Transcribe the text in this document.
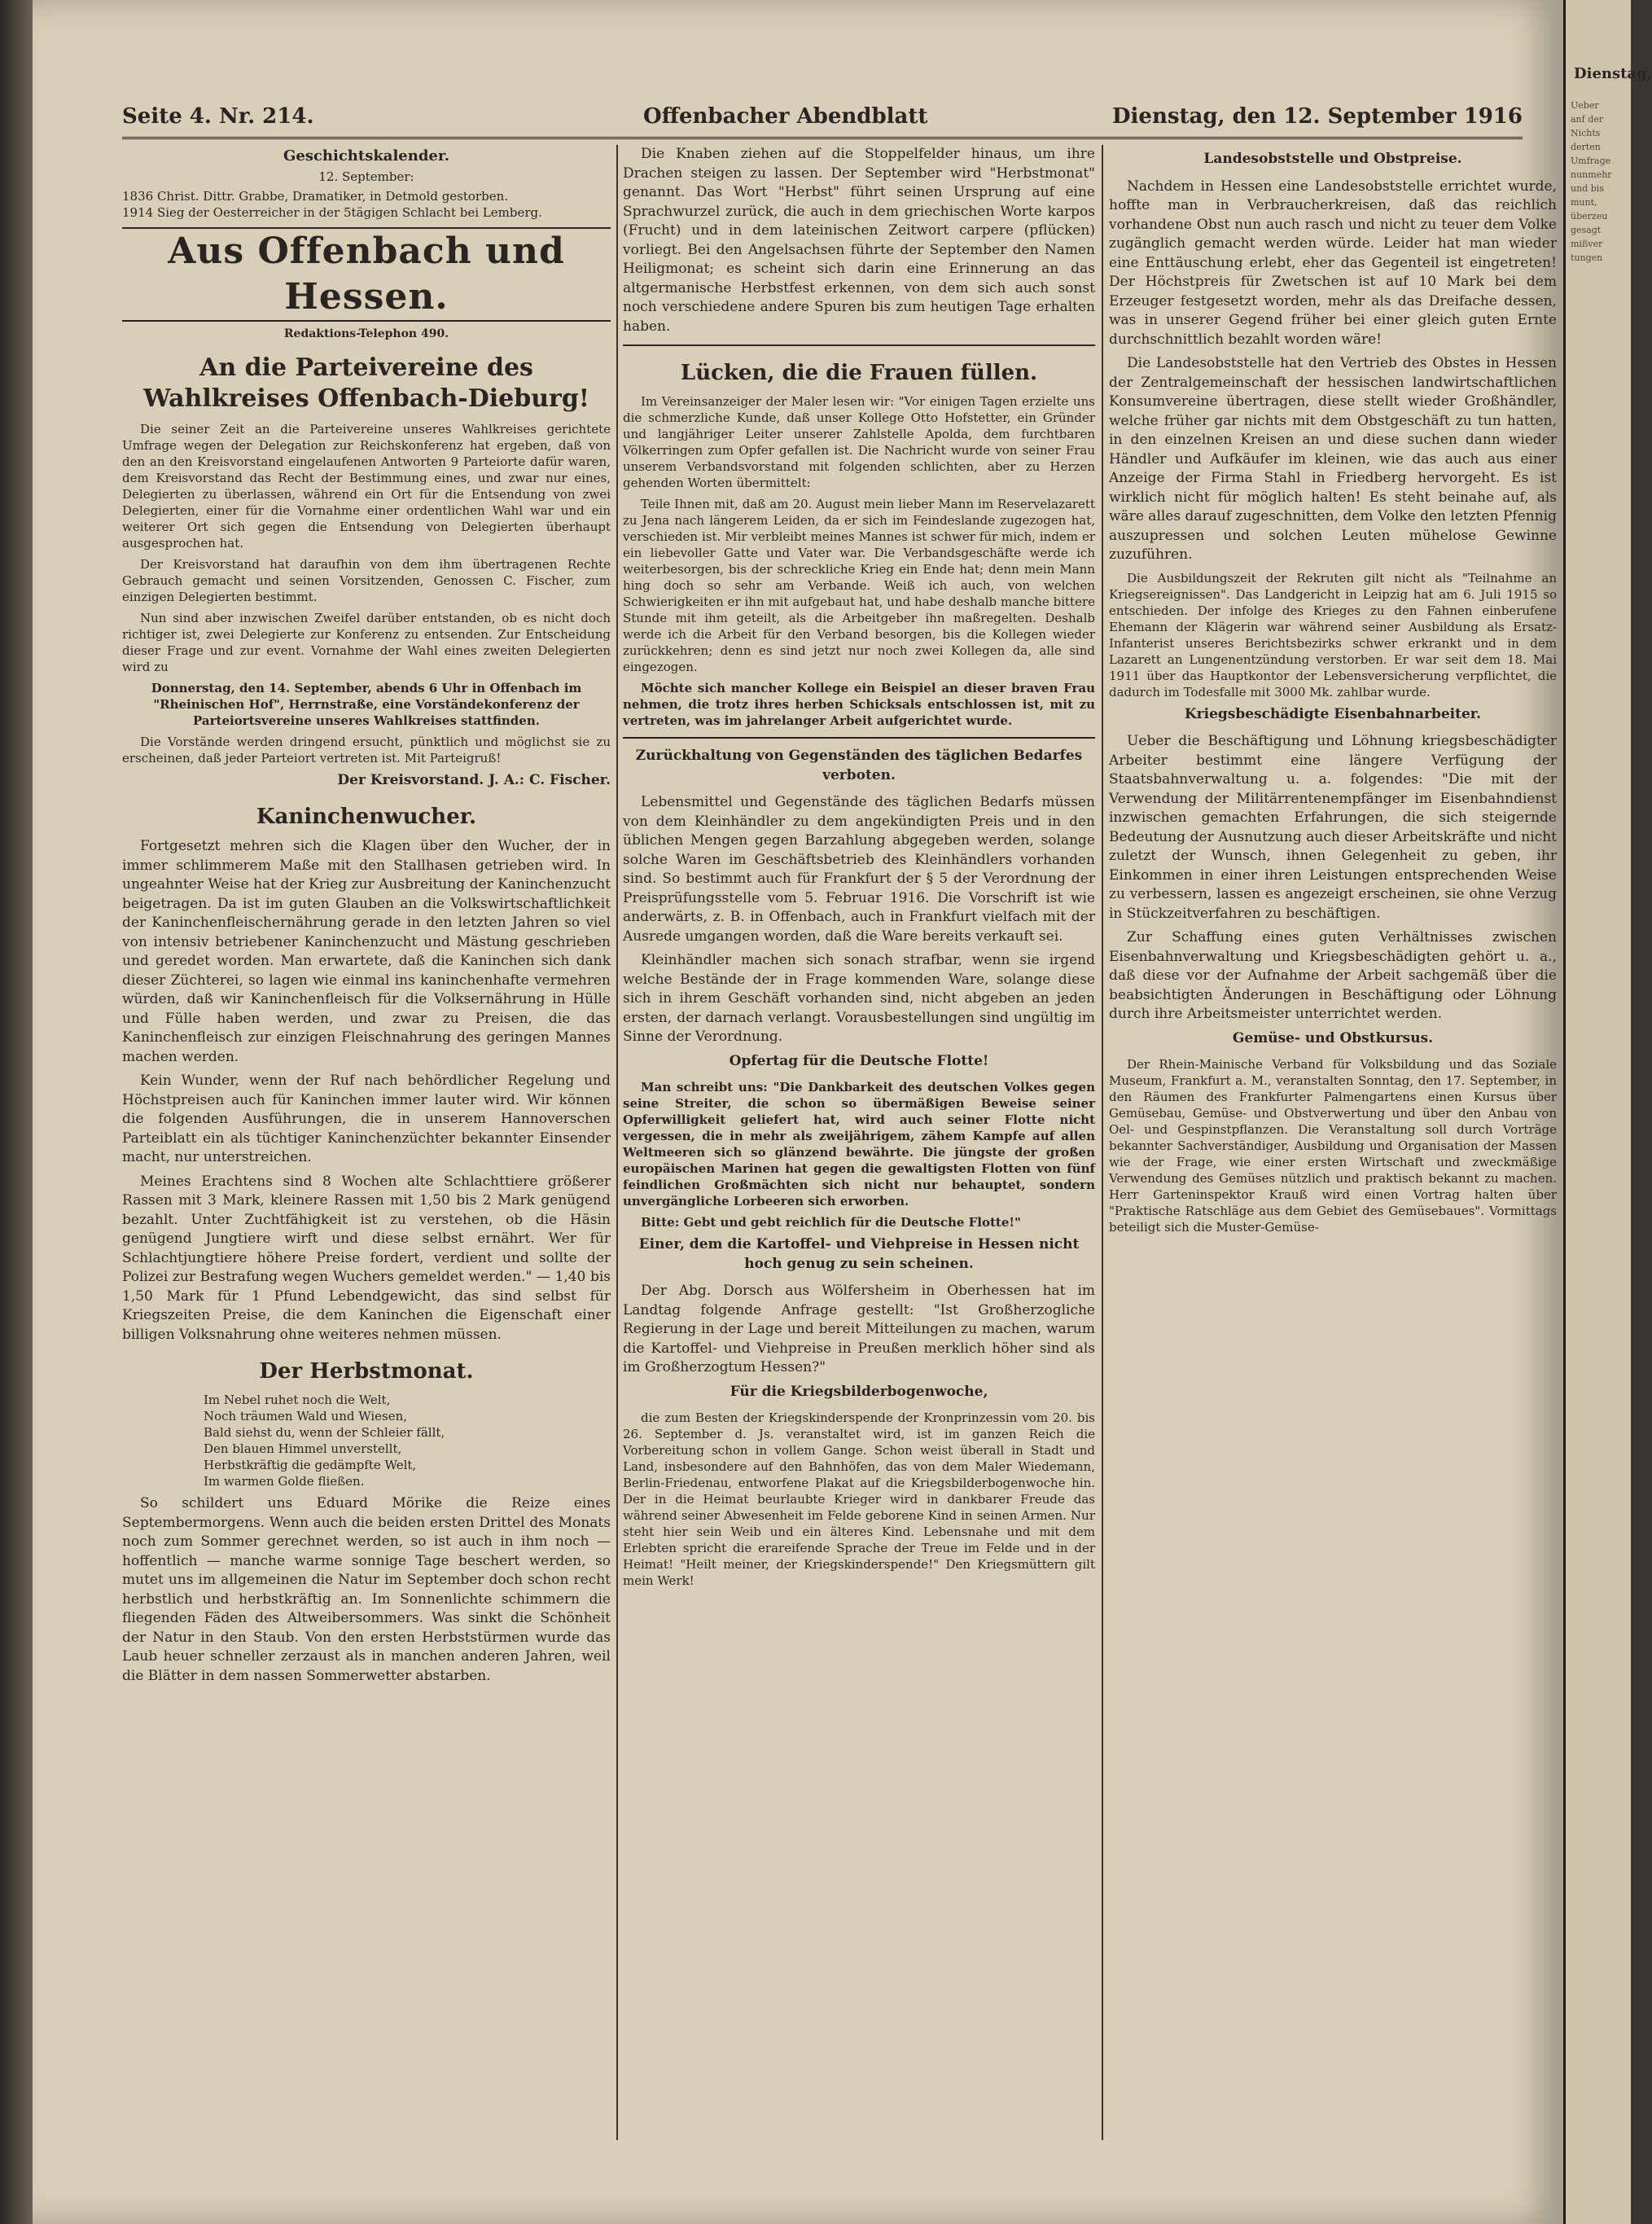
Seite 4. Nr. 214.	Offenbacher Abendblatt	Dienstag, den 12. September 1916
Geschichtskalender.
12. September:
1836 Christ. Dittr. Grabbe, Dramatiker, in Detmold gestorben.
1914 Sieg der Oesterreicher in der 5tägigen Schlacht bei Lemberg.
Aus Offenbach und Hessen.
Redaktions-Telephon 490.
An die Parteivereine des Wahlkreises Offenbach-Dieburg!

Die seiner Zeit an die Parteivereine unseres Wahlkreises gerichtete Umfrage wegen der Delegation zur Reichskonferenz hat ergeben, daß von den an den Kreisvorstand eingelaufenen Antworten 9 Parteiorte dafür waren, dem Kreisvorstand das Recht der Bestimmung eines, und zwar nur eines, Delegierten zu überlassen, während ein Ort für die Entsendung von zwei Delegierten, einer für die Vornahme einer ordentlichen Wahl war und ein weiterer Ort sich gegen die Entsendung von Delegierten überhaupt ausgesprochen hat.

Der Kreisvorstand hat daraufhin von dem ihm übertragenen Rechte Gebrauch gemacht und seinen Vorsitzenden, Genossen C. Fischer, zum einzigen Delegierten bestimmt.

Nun sind aber inzwischen Zweifel darüber entstanden, ob es nicht doch richtiger ist, zwei Delegierte zur Konferenz zu entsenden. Zur Entscheidung dieser Frage und zur event. Vornahme der Wahl eines zweiten Delegierten wird zu

Donnerstag, den 14. September, abends 6 Uhr in Offenbach im "Rheinischen Hof", Herrnstraße, eine Vorständekonferenz der Parteiortsvereine unseres Wahlkreises stattfinden.

Die Vorstände werden dringend ersucht, pünktlich und möglichst sie zu erscheinen, daß jeder Parteiort vertreten ist. Mit Parteigruß!

Der Kreisvorstand. J. A.: C. Fischer.
Kaninchenwucher.

Fortgesetzt mehren sich die Klagen über den Wucher, der in immer schlimmerem Maße mit den Stallhasen getrieben wird. In ungeahnter Weise hat der Krieg zur Ausbreitung der Kaninchenzucht beigetragen. Da ist im guten Glauben an die Volkswirtschaftlichkeit der Kaninchenfleischernährung gerade in den letzten Jahren so viel von intensiv betriebener Kaninchenzucht und Mästung geschrieben und geredet worden. Man erwartete, daß die Kaninchen sich dank dieser Züchterei, so lagen wie einmal ins kaninchenhafte vermehren würden, daß wir Kaninchenfleisch für die Volksernährung in Hülle und Fülle haben werden, und zwar zu Preisen, die das Kaninchenfleisch zur einzigen Fleischnahrung des geringen Mannes machen werden.

Kein Wunder, wenn der Ruf nach behördlicher Regelung und Höchstpreisen auch für Kaninchen immer lauter wird. Wir können die folgenden Ausführungen, die in unserem Hannoverschen Parteiblatt ein als tüchtiger Kaninchenzüchter bekannter Einsender macht, nur unterstreichen.

Meines Erachtens sind 8 Wochen alte Schlachttiere größerer Rassen mit 3 Mark, kleinere Rassen mit 1,50 bis 2 Mark genügend bezahlt. Unter Zuchtfähigkeit ist zu verstehen, ob die Häsin genügend Jungtiere wirft und diese selbst ernährt. Wer für Schlachtjungtiere höhere Preise fordert, verdient und sollte der Polizei zur Bestrafung wegen Wuchers gemeldet werden." — 1,40 bis 1,50 Mark für 1 Pfund Lebendgewicht, das sind selbst für Kriegszeiten Preise, die dem Kaninchen die Eigenschaft einer billigen Volksnahrung ohne weiteres nehmen müssen.

Der Herbstmonat.
Im Nebel ruhet noch die Welt,
Noch träumen Wald und Wiesen,
Bald siehst du, wenn der Schleier fällt,
Den blauen Himmel unverstellt,
Herbstkräftig die gedämpfte Welt,
Im warmen Golde fließen.

So schildert uns Eduard Mörike die Reize eines Septembermorgens. Wenn auch die beiden ersten Drittel des Monats noch zum Sommer gerechnet werden, so ist auch in ihm noch — hoffentlich — manche warme sonnige Tage beschert werden, so mutet uns im allgemeinen die Natur im September doch schon recht herbstlich und herbstkräftig an. Im Sonnenlichte schimmern die fliegenden Fäden des Altweibersommers. Was sinkt die Schönheit der Natur in den Staub. Von den ersten Herbststürmen wurde das Laub heuer schneller zerzaust als in manchen anderen Jahren, weil die Blätter in dem nassen Sommerwetter abstarben.

Die Knaben ziehen auf die Stoppelfelder hinaus, um ihre Drachen steigen zu lassen. Der September wird "Herbstmonat" genannt. Das Wort "Herbst" führt seinen Ursprung auf eine Sprachwurzel zurück, die auch in dem griechischen Worte karpos (Frucht) und in dem lateinischen Zeitwort carpere (pflücken) vorliegt. Bei den Angelsachsen führte der September den Namen Heiligmonat; es scheint sich darin eine Erinnerung an das altgermanische Herbstfest erkennen, von dem sich auch sonst noch verschiedene andere Spuren bis zum heutigen Tage erhalten haben.

Lücken, die die Frauen füllen.

Im Vereinsanzeiger der Maler lesen wir: "Vor einigen Tagen erzielte uns die schmerzliche Kunde, daß unser Kollege Otto Hofstetter, ein Gründer und langjähriger Leiter unserer Zahlstelle Apolda, dem furchtbaren Völkerringen zum Opfer gefallen ist. Die Nachricht wurde von seiner Frau unserem Verbandsvorstand mit folgenden schlichten, aber zu Herzen gehenden Worten übermittelt:

Teile Ihnen mit, daß am 20. August mein lieber Mann im Reservelazarett zu Jena nach längerem Leiden, da er sich im Feindeslande zugezogen hat, verschieden ist. Mir verbleibt meines Mannes ist schwer für mich, indem er ein liebevoller Gatte und Vater war. Die Verbandsgeschäfte werde ich weiterbesorgen, bis der schreckliche Krieg ein Ende hat; denn mein Mann hing doch so sehr am Verbande. Weiß ich auch, von welchen Schwierigkeiten er ihn mit aufgebaut hat, und habe deshalb manche bittere Stunde mit ihm geteilt, als die Arbeitgeber ihn maßregelten. Deshalb werde ich die Arbeit für den Verband besorgen, bis die Kollegen wieder zurückkehren; denn es sind jetzt nur noch zwei Kollegen da, alle sind eingezogen.

Möchte sich mancher Kollege ein Beispiel an dieser braven Frau nehmen, die trotz ihres herben Schicksals entschlossen ist, mit zu vertreten, was im jahrelanger Arbeit aufgerichtet wurde.

Zurückhaltung von Gegenständen des täglichen Bedarfes verboten.

Lebensmittel und Gegenstände des täglichen Bedarfs müssen von dem Kleinhändler zu dem angekündigten Preis und in den üblichen Mengen gegen Barzahlung abgegeben werden, solange solche Waren im Geschäftsbetrieb des Kleinhändlers vorhanden sind. So bestimmt auch für Frankfurt der § 5 der Verordnung der Preisprüfungsstelle vom 5. Februar 1916. Die Vorschrift ist wie anderwärts, z. B. in Offenbach, auch in Frankfurt vielfach mit der Ausrede umgangen worden, daß die Ware bereits verkauft sei.

Kleinhändler machen sich sonach strafbar, wenn sie irgend welche Bestände der in Frage kommenden Ware, solange diese sich in ihrem Geschäft vorhanden sind, nicht abgeben an jeden ersten, der darnach verlangt. Vorausbestellungen sind ungültig im Sinne der Verordnung.

Opfertag für die Deutsche Flotte!

Man schreibt uns: "Die Dankbarkeit des deutschen Volkes gegen seine Streiter, die schon so übermäßigen Beweise seiner Opferwilligkeit geliefert hat, wird auch seiner Flotte nicht vergessen, die in mehr als zweijährigem, zähem Kampfe auf allen Weltmeeren sich so glänzend bewährte. Die jüngste der großen europäischen Marinen hat gegen die gewaltigsten Flotten von fünf feindlichen Großmächten sich nicht nur behauptet, sondern unvergängliche Lorbeeren sich erworben.

Bitte: Gebt und gebt reichlich für die Deutsche Flotte!"

Einer, dem die Kartoffel- und Viehpreise in Hessen nicht hoch genug zu sein scheinen.

Der Abg. Dorsch aus Wölfersheim in Oberhessen hat im Landtag folgende Anfrage gestellt: "Ist Großherzogliche Regierung in der Lage und bereit Mitteilungen zu machen, warum die Kartoffel- und Viehpreise in Preußen merklich höher sind als im Großherzogtum Hessen?"

Für die Kriegsbilderbogenwoche,

die zum Besten der Kriegskinderspende der Kronprinzessin vom 20. bis 26. September d. Js. veranstaltet wird, ist im ganzen Reich die Vorbereitung schon in vollem Gange. Schon weist überall in Stadt und Land, insbesondere auf den Bahnhöfen, das von dem Maler Wiedemann, Berlin-Friedenau, entworfene Plakat auf die Kriegsbilderbogenwoche hin. Der in die Heimat beurlaubte Krieger wird in dankbarer Freude das während seiner Abwesenheit im Felde geborene Kind in seinen Armen. Nur steht hier sein Weib und ein älteres Kind. Lebensnahe und mit dem Erlebten spricht die erareifende Sprache der Treue im Felde und in der Heimat! "Heilt meiner, der Kriegskinderspende!" Den Kriegsmüttern gilt mein Werk!

Landesobststelle und Obstpreise.

Nachdem in Hessen eine Landesobststelle errichtet wurde, hoffte man in Verbraucherkreisen, daß das reichlich vorhandene Obst nun auch rasch und nicht zu teuer dem Volke zugänglich gemacht werden würde. Leider hat man wieder eine Enttäuschung erlebt, eher das Gegenteil ist eingetreten! Der Höchstpreis für Zwetschen ist auf 10 Mark bei dem Erzeuger festgesetzt worden, mehr als das Dreifache dessen, was in unserer Gegend früher bei einer gleich guten Ernte durchschnittlich bezahlt worden wäre!

Die Landesobststelle hat den Vertrieb des Obstes in Hessen der Zentralgemeinschaft der hessischen landwirtschaftlichen Konsumvereine übertragen, diese stellt wieder Großhändler, welche früher gar nichts mit dem Obstgeschäft zu tun hatten, in den einzelnen Kreisen an und diese suchen dann wieder Händler und Aufkäufer im kleinen, wie das auch aus einer Anzeige der Firma Stahl in Friedberg hervorgeht. Es ist wirklich nicht für möglich halten! Es steht beinahe auf, als wäre alles darauf zugeschnitten, dem Volke den letzten Pfennig auszupressen und solchen Leuten mühelose Gewinne zuzuführen.

Die Ausbildungszeit der Rekruten gilt nicht als "Teilnahme an Kriegsereignissen". Das Landgericht in Leipzig hat am 6. Juli 1915 so entschieden. Der infolge des Krieges zu den Fahnen einberufene Ehemann der Klägerin war während seiner Ausbildung als Ersatz-Infanterist unseres Berichtsbezirks schwer erkrankt und in dem Lazarett an Lungenentzündung verstorben. Er war seit dem 18. Mai 1911 über das Hauptkontor der Lebensversicherung verpflichtet, die dadurch im Todesfalle mit 3000 Mk. zahlbar wurde.

Kriegsbeschädigte Eisenbahnarbeiter.

Ueber die Beschäftigung und Löhnung kriegsbeschädigter Arbeiter bestimmt eine längere Verfügung der Staatsbahnverwaltung u. a. folgendes: "Die mit der Verwendung der Militärrentenempfänger im Eisenbahndienst inzwischen gemachten Erfahrungen, die sich steigernde Bedeutung der Ausnutzung auch dieser Arbeitskräfte und nicht zuletzt der Wunsch, ihnen Gelegenheit zu geben, ihr Einkommen in einer ihren Leistungen entsprechenden Weise zu verbessern, lassen es angezeigt erscheinen, sie ohne Verzug in Stückzeitverfahren zu beschäftigen.

Zur Schaffung eines guten Verhältnisses zwischen Eisenbahnverwaltung und Kriegsbeschädigten gehört u. a., daß diese vor der Aufnahme der Arbeit sachgemäß über die beabsichtigten Änderungen in Beschäftigung oder Löhnung durch ihre Arbeitsmeister unterrichtet werden.

Gemüse- und Obstkursus.

Der Rhein-Mainische Verband für Volksbildung und das Soziale Museum, Frankfurt a. M., veranstalten Sonntag, den 17. September, in den Räumen des Frankfurter Palmengartens einen Kursus über Gemüsebau, Gemüse- und Obstverwertung und über den Anbau von Oel- und Gespinstpflanzen. Die Veranstaltung soll durch Vorträge bekannter Sachverständiger, Ausbildung und Organisation der Massen wie der Frage, wie einer ersten Wirtschaft und zweckmäßige Verwendung des Gemüses nützlich und praktisch bekannt zu machen. Herr Garteninspektor Krauß wird einen Vortrag halten über "Praktische Ratschläge aus dem Gebiet des Gemüsebaues". Vormittags beteiligt sich die Muster-Gemüse-

Dienstag,
Ueber
anf der
Nichts
derten
Umfrage
nunmehr
und bis
munt,
überzeu
gesagt
mißver
tungen
